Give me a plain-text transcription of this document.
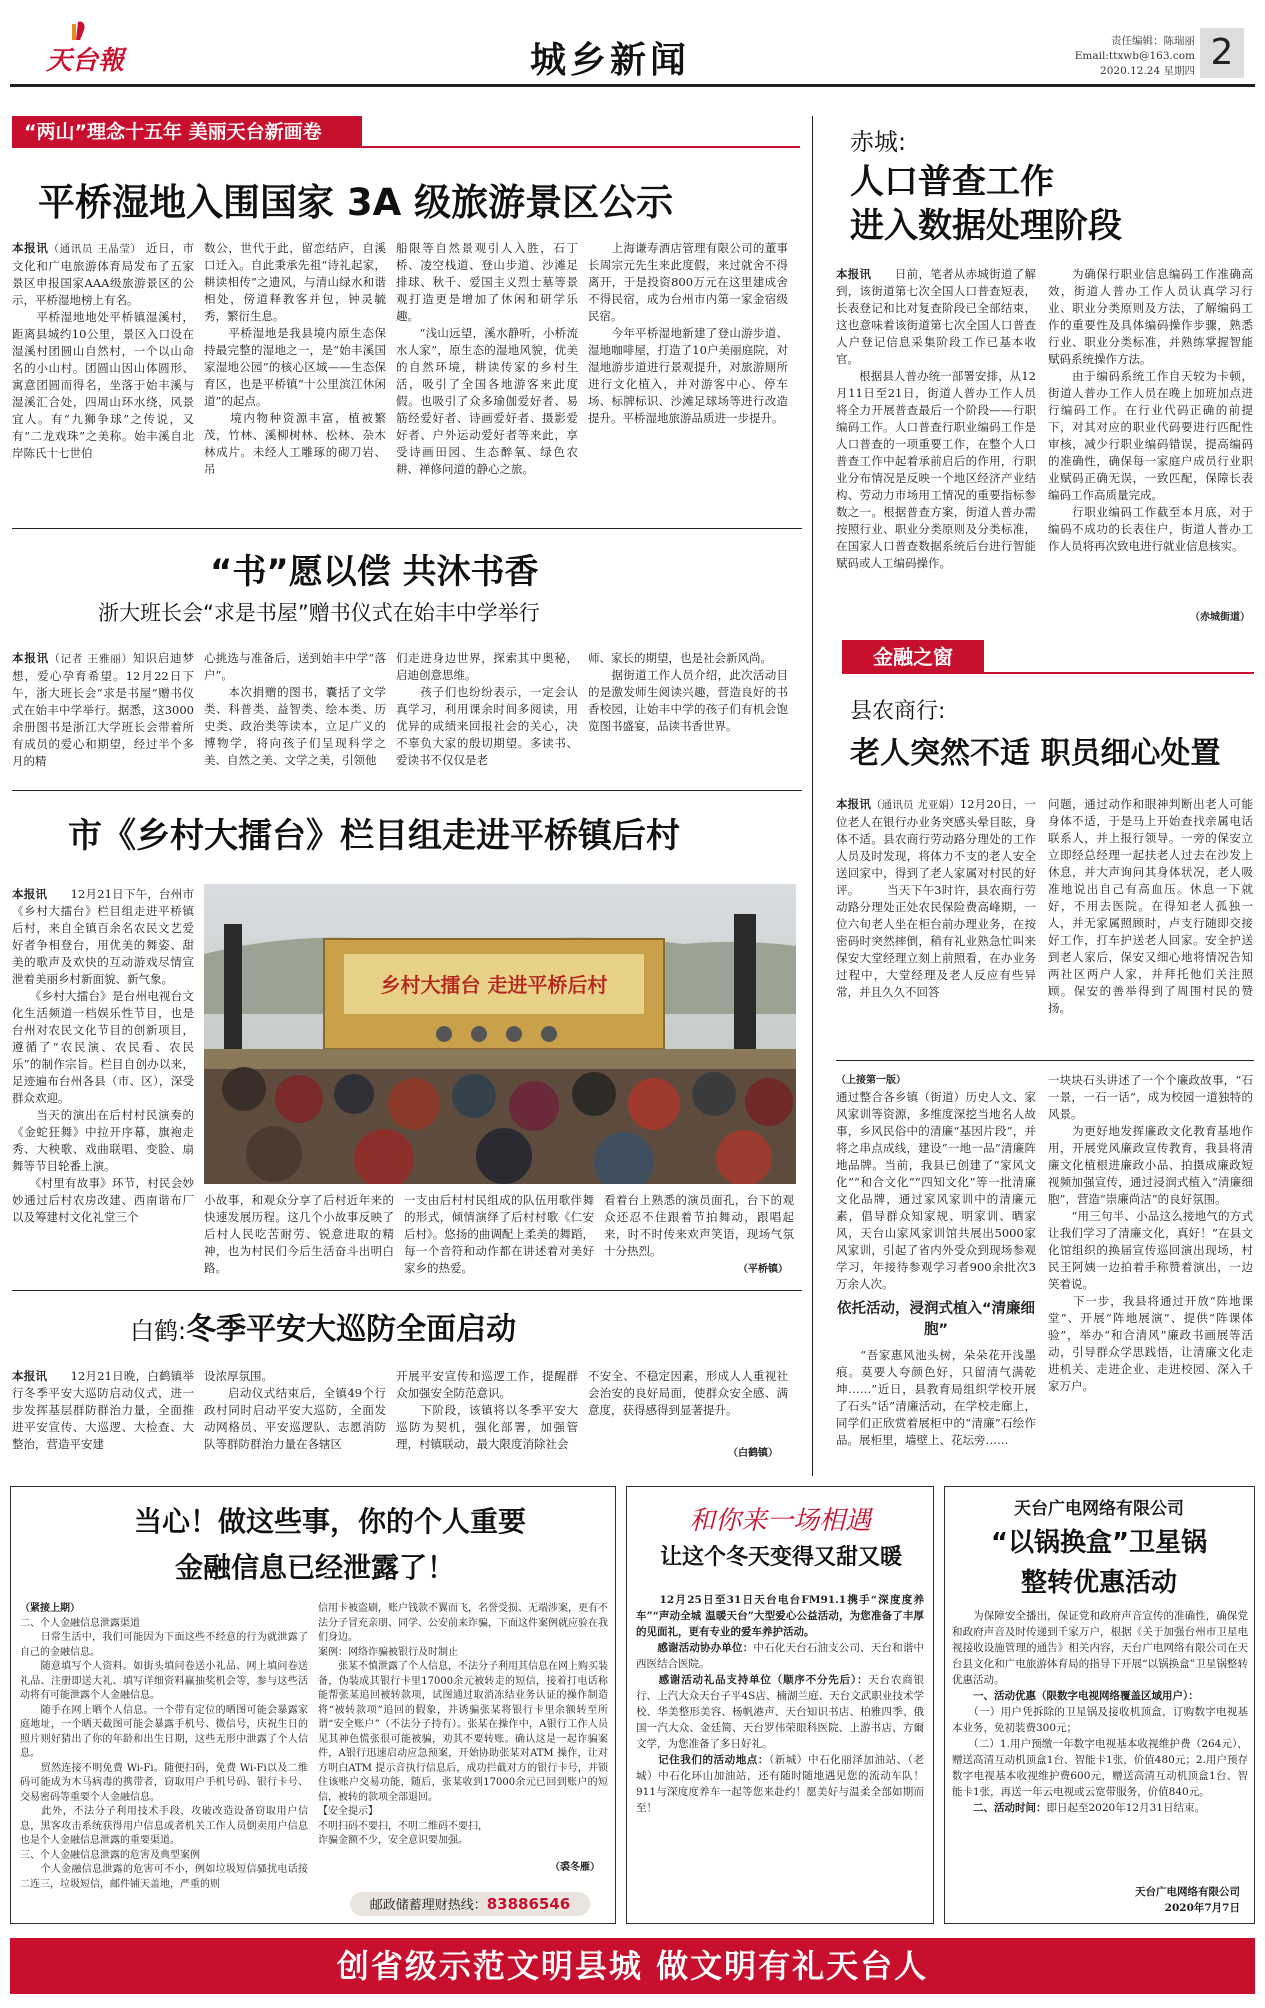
天台報	城乡新闻	责任编辑：陈瑞丽
Email:ttxwb@163.com
2020.12.24 星期四 2
“两山”理念十五年 美丽天台新画卷
平桥湿地入围国家 3A 级旅游景区公示
本报讯（通讯员 王晶莹） 近日，市文化和广电旅游体育局发布了五家景区申报国家AAA级旅游景区的公示，平桥湿地榜上有名。
　　平桥湿地地处平桥镇湿溪村，距离县城约10公里，景区入口设在湿溪村团圆山自然村，一个以山命名的小山村。团圆山因山体圆形、寓意团圆而得名，坐落于始丰溪与湿溪汇合处，四周山环水绕，风景宜人。有“九狮争球”之传说，又有“二龙戏珠”之美称。始丰溪自北岸陈氏十七世伯
数公，世代于此，留恋结庐，自溪口迁入。自此秉承先祖“诗礼起家，耕读相传”之遗风，与清山绿水和谐相处，傍道释教客并包，钟灵毓秀，繁衍生息。
　　平桥湿地是我县境内原生态保持最完整的湿地之一，是“始丰溪国家湿地公园”的核心区域——生态保育区，也是平桥镇“十公里滨江休闲道”的起点。
　　境内物种资源丰富，植被繁茂，竹林、溪柳树林、松林、杂木林成片。未经人工雕琢的砌刀岩、吊
船限等自然景观引人入胜，石丁桥、凌空栈道、登山步道、沙滩足排球、秋千、爱国主义烈士墓等景观打造更是增加了休闲和研学乐趣。
　　“浅山远望，溪水静听，小桥流水人家”，原生态的湿地风貌，优美的自然环境，耕读传家的乡村生活，吸引了全国各地游客来此度假。也吸引了众多瑜伽爱好者、易筋经爱好者、诗画爱好者、摄影爱好者、户外运动爱好者等来此，享受诗画田园、生态醉氧、绿色农耕、禅修问道的静心之旅。
　　上海谦寿酒店管理有限公司的董事长周宗元先生来此度假，来过就舍不得离开，于是投资800万元在这里建成舍不得民宿，成为台州市内第一家金宿级民宿。
　　今年平桥湿地新建了登山游步道、湿地咖啡屋，打造了10户美丽庭院，对湿地游步道进行景观提升，对旅游厕所进行文化植入，并对游客中心、停车场、标牌标识、沙滩足球场等进行改造提升。平桥湿地旅游品质进一步提升。
“书”愿以偿 共沐书香
浙大班长会“求是书屋”赠书仪式在始丰中学举行
本报讯（记者 王雅丽）知识启迪梦想，爱心孕育希望。12月22日下午，浙大班长会“求是书屋”赠书仪式在始丰中学举行。据悉，这3000余册图书是浙江大学班长会带着所有成员的爱心和期望，经过半个多月的精
心挑选与准备后，送到始丰中学“落户”。
　　本次捐赠的图书，囊括了文学类、科普类、益智类、绘本类、历史类、政治类等读本，立足广义的博物学，将向孩子们呈现科学之美、自然之美、文学之美，引领他
们走进身边世界，探索其中奥秘，启迪创意思维。
　　孩子们也纷纷表示，一定会认真学习，利用课余时间多阅读，用优异的成绩来回报社会的关心，决不辜负大家的殷切期望。多读书、爱读书不仅仅是老
师、家长的期望，也是社会新风尚。
　　据街道工作人员介绍，此次活动目的是激发师生阅读兴趣，营造良好的书香校园，让始丰中学的孩子们有机会饱览图书盛宴，品读书香世界。
市《乡村大擂台》栏目组走进平桥镇后村
本报讯　　12月21日下午，台州市《乡村大擂台》栏目组走进平桥镇后村，来自全镇百余名农民文艺爱好者争相登台，用优美的舞姿、甜美的歌声及欢快的互动游戏尽情宣泄着美丽乡村新面貌、新气象。
　　《乡村大擂台》是台州电视台文化生活频道一档娱乐性节目，也是台州对农民文化节目的创新项目，遵循了“农民演、农民看、农民乐”的制作宗旨。栏目自创办以来，足迹遍布台州各县（市、区），深受群众欢迎。
　　当天的演出在后村村民演奏的《金蛇狂舞》中拉开序幕，旗袍走秀、大秧歌、戏曲联唱、变脸、扇舞等节目轮番上演。
　　《村里有故事》环节，村民会妙妙通过后村农房改建、西南谐布厂以及筹建村文化礼堂三个
乡村大擂台 走进平桥后村
小故事，和观众分享了后村近年来的快速发展历程。这几个小故事反映了后村人民吃苦耐劳、锐意进取的精神，也为村民们今后生活奋斗出明白路。
一支由后村村民组成的队伍用歌伴舞的形式，倾情演绎了后村村歌《仁安后村》。悠扬的曲调配上柔美的舞蹈，每一个音符和动作都在讲述着对美好家乡的热爱。
看着台上熟悉的演员面孔，台下的观众还忍不住跟着节拍舞动，跟唱起来，时不时传来欢声笑语，现场气氛十分热烈。
（平桥镇）
白鹤:冬季平安大巡防全面启动
本报讯　　12月21日晚，白鹤镇举行冬季平安大巡防启动仪式，进一步发挥基层群防群治力量，全面推进平安宣传、大巡逻、大检查、大整治，营造平安建
设浓厚氛围。
　　启动仪式结束后，全镇49个行政村同时启动平安大巡防，全面发动网格员、平安巡逻队、志愿消防队等群防群治力量在各辖区
开展平安宣传和巡逻工作，提醒群众加强安全防范意识。
　　下阶段，该镇将以冬季平安大巡防为契机，强化部署，加强管理，村镇联动，最大限度消除社会
不安全、不稳定因素，形成人人重视社会治安的良好局面，使群众安全感、满意度，获得感得到显著提升。
（白鹤镇）
赤城:
人口普查工作
进入数据处理阶段
本报讯　　日前，笔者从赤城街道了解到，该街道第七次全国人口普查短表，长表登记和比对复查阶段已全部结束，这也意味着该街道第七次全国人口普查人户登记信息采集阶段工作已基本收官。
　　根据县人普办统一部署安排，从12月11日至21日，街道人普办工作人员将全力开展普查最后一个阶段——行职编码工作。人口普查行职业编码工作是人口普查的一项重要工作，在整个人口普查工作中起着承前启后的作用，行职业分布情况是反映一个地区经济产业结构、劳动力市场用工情况的重要指标参数之一。根据普查方案，街道人普办需按照行业、职业分类原则及分类标准，在国家人口普查数据系统后台进行智能赋码或人工编码操作。
　　为确保行职业信息编码工作准确高效，街道人普办工作人员认真学习行业、职业分类原则及方法，了解编码工作的重要性及具体编码操作步骤，熟悉行业、职业分类标准，并熟练掌握智能赋码系统操作方法。
　　由于编码系统工作自天较为卡顿，街道人普办工作人员在晚上加班加点进行编码工作。在行业代码正确的前提下，对其对应的职业代码要进行匹配性审核，减少行职业编码错误，提高编码的准确性，确保每一家庭户成员行业职业赋码正确无误，一致匹配，保障长表编码工作高质量完成。
　　行职业编码工作截至本月底，对于编码不成功的长表住户，街道人普办工作人员将再次致电进行就业信息核实。
（赤城街道）
金融之窗
县农商行:
老人突然不适 职员细心处置
本报讯（通讯员 尤亚娟）12月20日，一位老人在银行办业务突感头晕目眩，身体不适。县农商行劳动路分理处的工作人员及时发现，将体力不支的老人安全送回家中，得到了老人家属对村民的好评。 　　当天下午3时许，县农商行劳动路分理处正处农民保险费高峰期，一位六旬老人坐在柜台前办理业务，在按密码时突然摔倒，稍有礼业熟急忙叫来保安大堂经理立刻上前照看，在办业务过程中，大堂经理及老人反应有些异常，并且久久不回答
问题，通过动作和眼神判断出老人可能身体不适，于是马上开始查找亲属电话联系人，并上报行领导。一旁的保安立立即经总经理一起扶老人过去在沙发上休息，并大声询问其身体状况，老人吸准地说出自己有高血压。休息一下就好，不用去医院。在得知老人孤独一人，并无家属照顾时，卢支行随即交接好工作，打车护送老人回家。安全护送到老人家后，保安又细心地将情况告知两社区两户人家，并拜托他们关注照顾。保安的善举得到了周围村民的赞扬。
（上接第一版）
通过整合各乡镇（街道）历史人文、家风家训等资源，多维度深挖当地名人故事，乡风民俗中的清廉“基因片段”，并将之串点成线，建设“一地一品”清廉阵地品牌。当前，我县已创建了“家风文化”“和合文化”“四知文化”等一批清廉文化品牌，通过家风家训中的清廉元素，倡导群众知家规、明家训、晒家风，天台山家风家训馆共展出5000家风家训，引起了省内外受众到现场参观学习，年接待参观学习者900余批次3万余人次。
依托活动，浸润式植入“清廉细胞”
　　“吾家惠风池头树，朵朵花开浅墨痕。莫要人夸颜色好，只留清气满乾坤……”近日，县教育局组织学校开展了石头“话”清廉活动，在学校走廊上，同学们正欣赏着展柜中的“清廉”石绘作品。展柜里，墙壁上、花坛旁……
一块块石头讲述了一个个廉政故事，“石一景，一石一话”，成为校园一道独特的风景。
　　为更好地发挥廉政文化教育基地作用，开展党风廉政宣传教育，我县将清廉文化植根进廉政小品、拍摄成廉政短视频加强宣传，通过浸润式植入“清廉细胞”，营造“崇廉尚洁”的良好氛围。
　　“用三句半、小品这么接地气的方式让我们学习了清廉文化，真好！”在县文化馆组织的换届宣传巡回演出现场，村民王阿姨一边拍着手称赞着演出，一边笑着说。
　　下一步，我县将通过开放“阵地课堂”、开展“阵地展演”、提供“阵课体验”，举办“和合清风”廉政书画展等活动，引导群众学思践悟，让清廉文化走进机关、走进企业、走进校园、深入千家万户。
当心！做这些事，你的个人重要
金融信息已经泄露了！
（紧接上期）
二、个人金融信息泄露渠道
　　日常生活中，我们可能因为下面这些不经意的行为就泄露了自己的金融信息。
　　随意填写个人资料。如街头填问卷送小礼品、网上填问卷送礼品、注册即送大礼、填写详细资料赢抽奖机会等，参与这些活动将有可能泄露个人金融信息。
　　随手在网上晒个人信息。一个带有定位的晒图可能会暴露家庭地址，一个晒天截图可能会暴露手机号、微信号，庆祝生日的照片则好猜出了你的年龄和出生日期，这些无形中泄露了个人信息。
　　贸然连接不明免费 Wi-Fi。随便扫码，免费 Wi-Fi以及二维码可能成为木马病毒的携带者，窃取用户手机号码、银行卡号、交易密码等重要个人金融信息。
　　此外，不法分子利用技术手段，攻破改造设备窃取用户信息，黑客攻击系统获得用户信息或者机关工作人员倒卖用户信息也是个人金融信息泄露的重要渠道。
三、个人金融信息泄露的危害及典型案例
　　个人金融信息泄露的危害可不小，例如垃圾短信骚扰电话接二连三，垃圾短信，邮件铺天盖地，严重的则
信用卡被盗刷，账户钱款不翼而飞，名誉受损、无端涉案，更有不法分子冒充亲朋、同学、公安前来诈骗，下面这件案例就应验在我们身边。
案例：网络诈骗被银行及时制止
　　张某不慎泄露了个人信息，不法分子利用其信息在网上购买装备，伪装成其银行卡里17000余元被转走的短信，接着打电话称能帮张某追回被转款项，试图通过取消冻结业务认证的操作制造将“被转款项”追回的假象，并诱骗张某将银行卡里余额转至所谓“安全账户”（不法分子持有）。张某在操作中，A银行工作人员见其神色慌张很可能被骗，劝其不要转账。确认这是一起诈骗案件，A银行迅速启动应急预案，开始协助张某对ATM 操作，让对方明白ATM 提示音执行信息后，成功拦截对方的银行卡号，并锁住该账户交易功能，随后，张某收到17000余元已回到账户的短信，被转的款项全部退回。
【安全提示】
不明扫码不要扫，不明二维码不要扫，
诈骗金额不少，安全意识要加强。
（裘冬雁）
邮政储蓄理财热线：83886546
和你来一场相遇
让这个冬天变得又甜又暖
　　12月25日至31日天台电台FM91.1携手“深度度养车”“声动全城 温暖天台”大型爱心公益活动，为您准备了丰厚的见面礼，更有专业的爱车养护活动。
　　感谢活动协办单位：中石化天台石油支公司、天台和谐中西医结合医院。
　　感谢活动礼品支持单位（顺序不分先后）：天台农商银行、上汽大众天台子平4S店、楠湖兰庭、天台文武职业技术学校、华美整形美容、杨帆港声、天台知识书店、柏雅四季、俄国一汽大众、金廷简、天台罗伟荣眼科医院、上游书店、方爾文学，为您准备了多日好礼。
　　记住我们的活动地点：（新城）中石化丽泽加油站、（老城）中石化环山加油站，还有随时随地遇见您的流动车队！911与深度度养车一起等您来赴约！愿美好与温柔全部如期而至！
天台广电网络有限公司
“以锅换盒”卫星锅
整转优惠活动
　　为保障安全播出，保证党和政府声音宣传的准确性，确保党和政府声音及时传递到千家万户，根据《关于加强台州市卫星电视接收设施管理的通告》相关内容，天台广电网络有限公司在天台县文化和广电旅游体育局的指导下开展“以锅换盒”卫星锅整转优惠活动。
　　一、活动优惠（限数字电视网络覆盖区域用户）：
　　（一）用户凭拆除的卫星锅及接收机顶盒，订购数字电视基本业务，免初装费300元；
　　（二）1.用户预缴一年数字电视基本收视维护费（264元），赠送高清互动机顶盒1台、智能卡1张，价值480元；2.用户预存数字电视基本收视维护费600元，赠送高清互动机顶盒1台、智能卡1张，再送一年云电视或云宽带服务，价值840元。
　　二、活动时间：即日起至2020年12月31日结束。
天台广电网络有限公司
2020年7月7日
创省级示范文明县城 做文明有礼天台人
